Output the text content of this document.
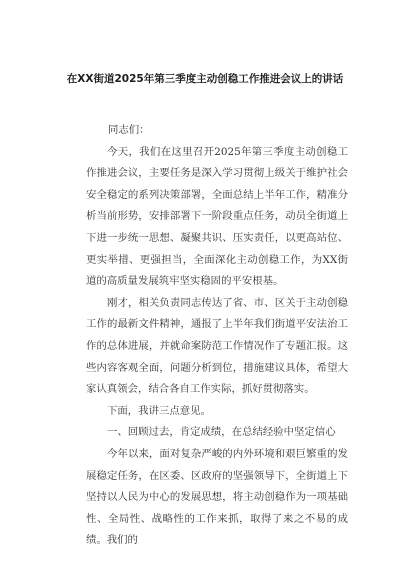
在XX街道2025年第三季度主动创稳工作推进会议上的讲话

同志们：

今天，我们在这里召开2025年第三季度主动创稳工作推进会议，主要任务是深入学习贯彻上级关于维护社会安全稳定的系列决策部署，全面总结上半年工作，精准分析当前形势，安排部署下一阶段重点任务，动员全街道上下进一步统一思想、凝聚共识、压实责任，以更高站位、更实举措、更强担当，全面深化主动创稳工作，为XX街道的高质量发展筑牢坚实稳固的平安根基。

刚才，相关负责同志传达了省、市、区关于主动创稳工作的最新文件精神，通报了上半年我们街道平安法治工作的总体进展，并就命案防范工作情况作了专题汇报。这些内容客观全面，问题分析到位，措施建议具体，希望大家认真领会，结合各自工作实际，抓好贯彻落实。

下面，我讲三点意见。

一、回顾过去，肯定成绩，在总结经验中坚定信心

今年以来，面对复杂严峻的内外环境和艰巨繁重的发展稳定任务，在区委、区政府的坚强领导下，全街道上下坚持以人民为中心的发展思想，将主动创稳作为一项基础性、全局性、战略性的工作来抓，取得了来之不易的成绩。我们的
